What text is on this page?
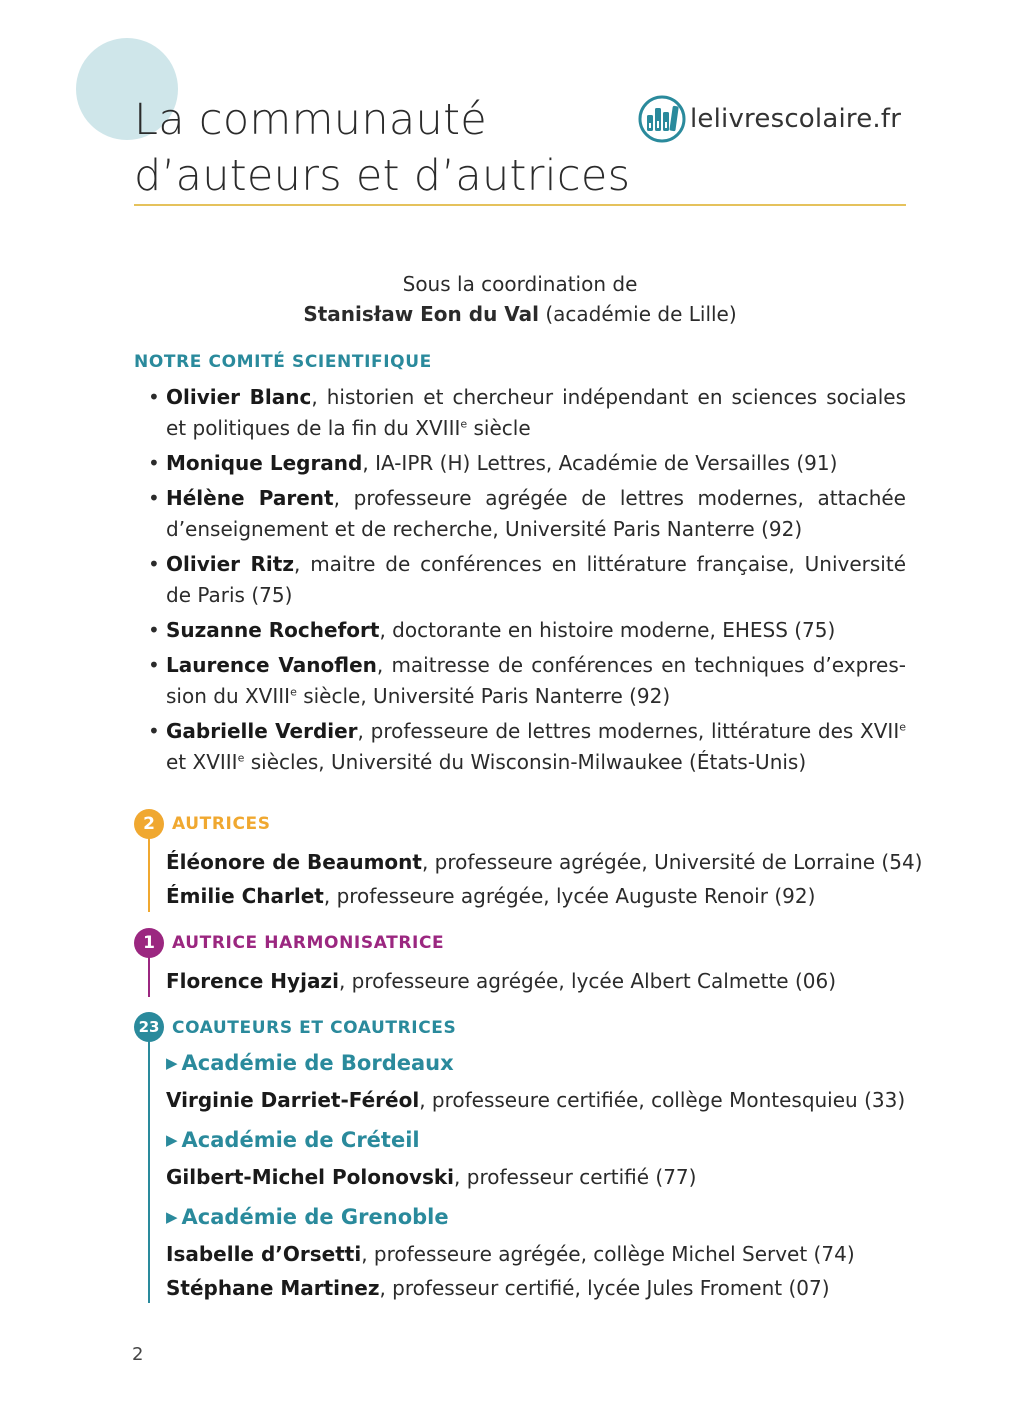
La communauté
d’auteurs et d’autrices
lelivrescolaire.fr
Sous la coordination de
Stanisław Eon du Val (académie de Lille)
NOTRE COMITÉ SCIENTIFIQUE
• Olivier Blanc, historien et chercheur indépendant en sciences sociales et politiques de la fin du XVIIIe siècle
• Monique Legrand, IA-IPR (H) Lettres, Académie de Versailles (91)
• Hélène Parent, professeure agrégée de lettres modernes, attachée d’enseignement et de recherche, Université Paris Nanterre (92)
• Olivier Ritz, maitre de conférences en littérature française, Université de Paris (75)
• Suzanne Rochefort, doctorante en histoire moderne, EHESS (75)
• Laurence Vanoflen, maitresse de conférences en techniques d’expres-sion du XVIIIe siècle, Université Paris Nanterre (92)
• Gabrielle Verdier, professeure de lettres modernes, littérature des XVIIe et XVIIIe siècles, Université du Wisconsin-Milwaukee (États-Unis)
2	AUTRICES
Éléonore de Beaumont, professeure agrégée, Université de Lorraine (54)
Émilie Charlet, professeure agrégée, lycée Auguste Renoir (92)
1	AUTRICE HARMONISATRICE
Florence Hyjazi, professeure agrégée, lycée Albert Calmette (06)
23 COAUTEURS ET COAUTRICES
▶ Académie de Bordeaux
Virginie Darriet-Féréol, professeure certifiée, collège Montesquieu (33)
▶ Académie de Créteil
Gilbert-Michel Polonovski, professeur certifié (77)
▶ Académie de Grenoble
Isabelle d’Orsetti, professeure agrégée, collège Michel Servet (74)
Stéphane Martinez, professeur certifié, lycée Jules Froment (07)
2
